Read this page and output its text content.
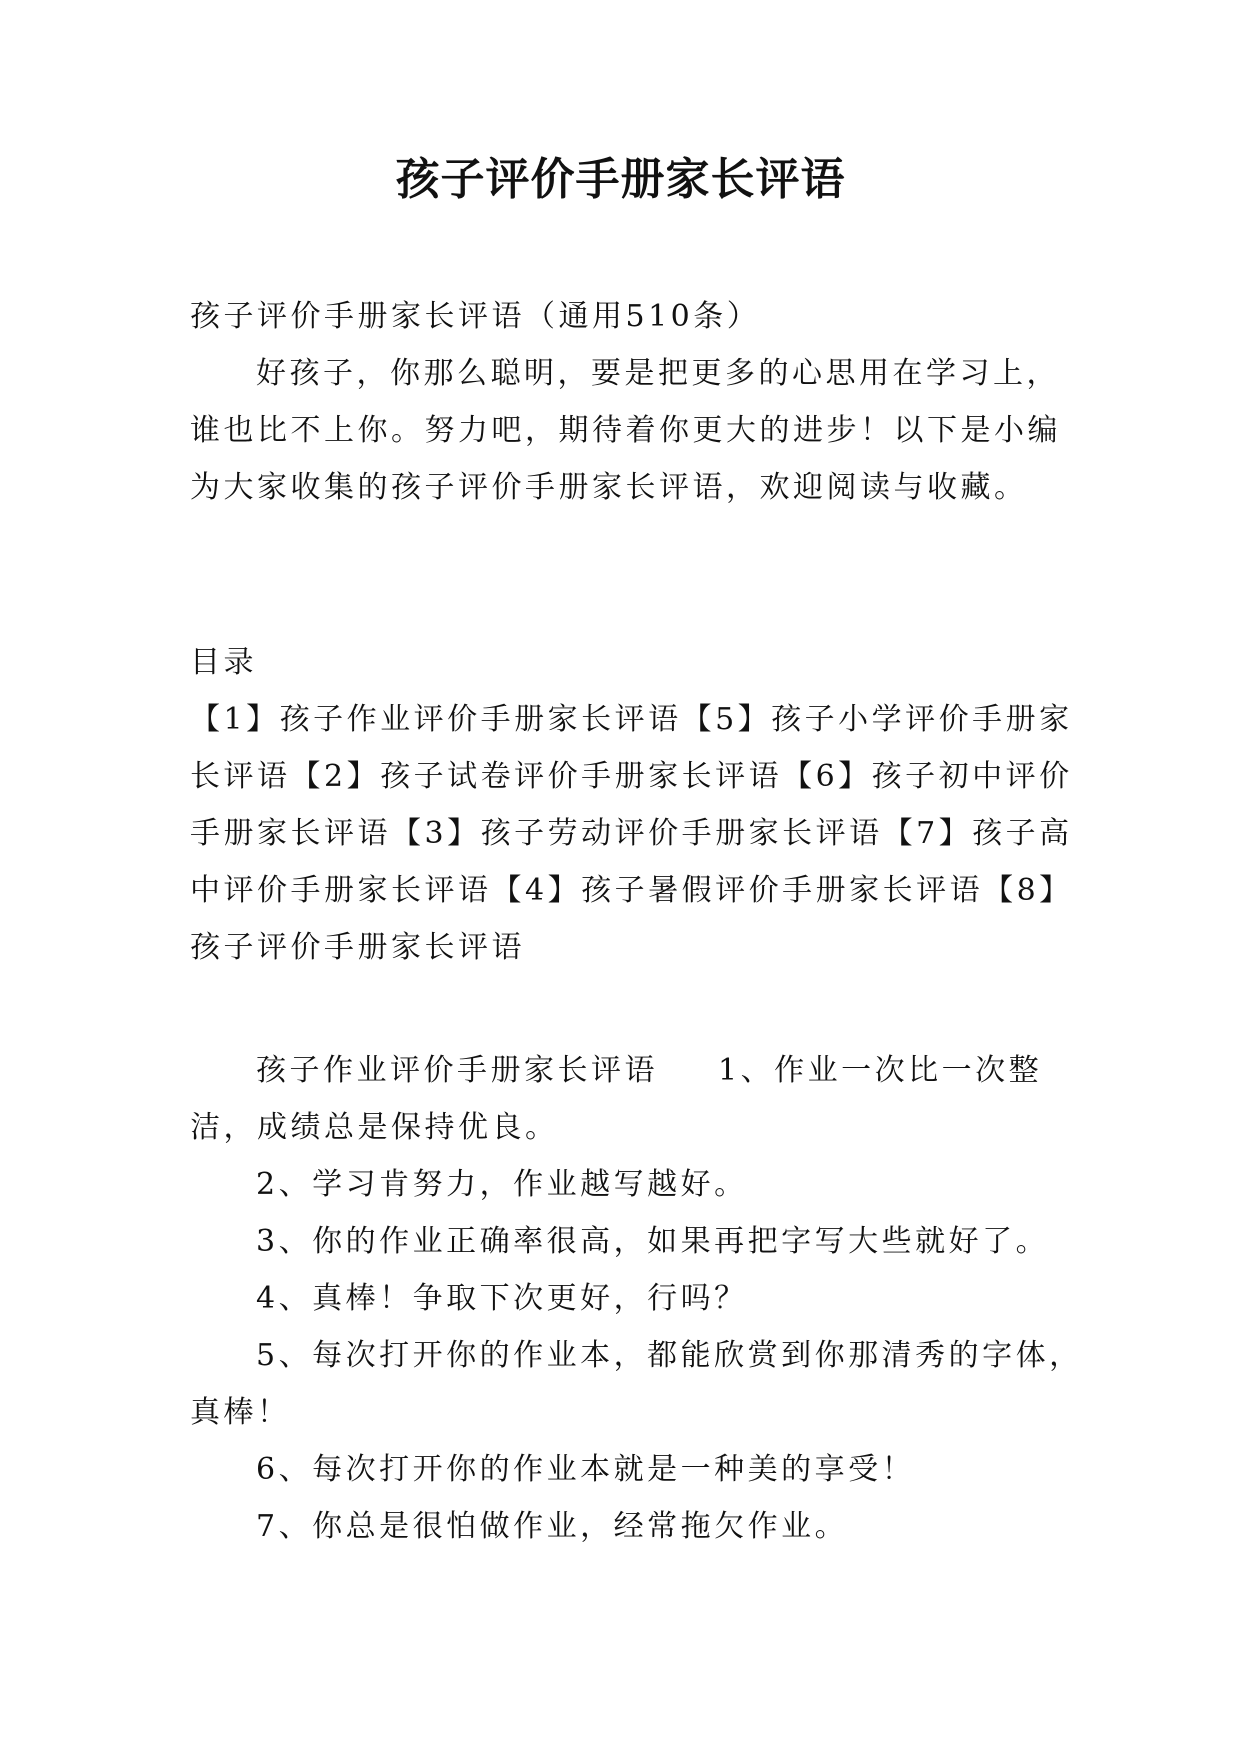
孩子评价手册家长评语

孩子评价手册家长评语（通用510条）

好孩子，你那么聪明，要是把更多的心思用在学习上，

谁也比不上你。努力吧，期待着你更大的进步！以下是小编

为大家收集的孩子评价手册家长评语，欢迎阅读与收藏。

目录

【1】孩子作业评价手册家长评语【5】孩子小学评价手册家

长评语【2】孩子试卷评价手册家长评语【6】孩子初中评价

手册家长评语【3】孩子劳动评价手册家长评语【7】孩子高

中评价手册家长评语【4】孩子暑假评价手册家长评语【8】

孩子评价手册家长评语

孩子作业评价手册家长评语 1、作业一次比一次整

洁，成绩总是保持优良。

2、学习肯努力，作业越写越好。

3、你的作业正确率很高，如果再把字写大些就好了。

4、真棒！争取下次更好，行吗？

5、每次打开你的作业本，都能欣赏到你那清秀的字体，

真棒！

6、每次打开你的作业本就是一种美的享受！

7、你总是很怕做作业，经常拖欠作业。
